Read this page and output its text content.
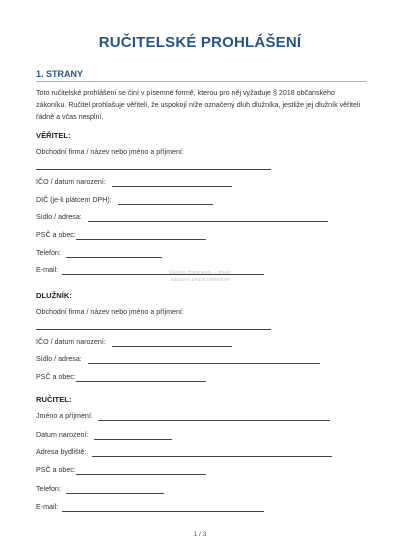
RUČITELSKÉ PROHLÁŠENÍ
1. STRANY
Toto ručitelské prohlášení se činí v písemné formě, kterou pro něj vyžaduje § 2018 občanského zákoníku. Ručitel prohlašuje věřiteli, že uspokojí níže označený dluh dlužníka, jestliže jej dlužník věřiteli řádně a včas nesplní.
VĚŘITEL:
Obchodní firma / název nebo jméno a příjmení:
IČO / datum narození:
DIČ (je-li plátcem DPH):
Sídlo / adresa:
PSČ a obec:
Telefon:
E-mail:	Ukázka dokumentu – obsah
zobrazen pouze náhledově
DLUŽNÍK:
Obchodní firma / název nebo jméno a příjmení:
IČO / datum narození:
Sídlo / adresa:
PSČ a obec:
RUČITEL:
Jméno a příjmení:
Datum narození:
Adresa bydliště:
PSČ a obec:
Telefon:
E-mail:
1 / 3
